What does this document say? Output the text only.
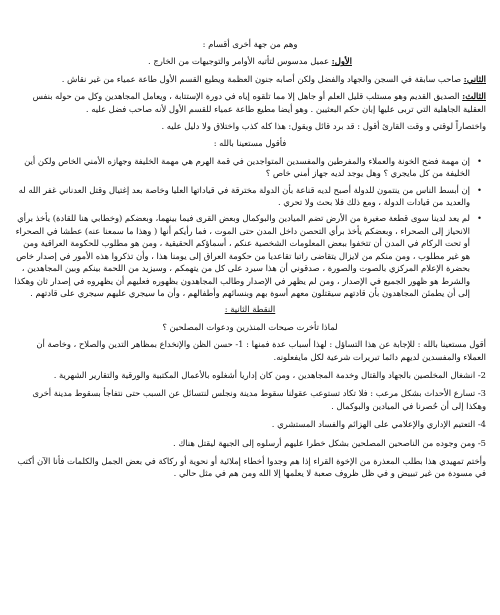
وهم من جهة أخرى أقسام :
الأول: عميل مدسوس لتأتيه الأوامر والتوجيهات من الخارج .
الثاني: صاحب سابقة في السجن والجهاد والفضل ولكن أصابه جنون العظمة ويطيع القسم الأول طاعة عمياء من غير نقاش .
الثالث: الصديق القديم وهو مستلب قليل العلم أو جاهل إلا مما تلقوه إياه في دورة الإستتابة ، ويعامل المجاهدين وكل من حوله بنفس العقلية الجاهلية التي تربى عليها إبان حكم البعثيين . وهو أيضا مطيع طاعة عمياء للقسم الأول لأنه صاحب فضل عليه .
واختصاراً لوقتي و وقت القارئ أقول : قد برد قائل ويقول: هذا كله كذب واختلاق ولا دليل عليه .
فأقول مستعينا بالله :
• إن مهمة فضح الخونة والعملاء والمفرطين والمفسدين المتواجدين في قمة الهرم هي مهمة الخليفة وجهازه الأمني الخاص ولكن أين الخليفة من كل مايجري ؟ وهل يوجد لديه جهاز أمني خاص ؟
• إن أبسط الناس من ينتمون للدولة أصبح لديه قناعة بأن الدولة مخترقة في قياداتها العليا وخاصة بعد إغتيال وقتل العدناني غفر الله له والعديد من قيادات الدولة ، ومع ذلك فلا بحث ولا تحري .
• لم يعد لدينا سوى قطعة صغيرة من الأرض تضم الميادين والبوكمال وبعض القرى فيما بينهما، وبعضكم (وخطابي هنا للقادة) يأخذ برأي الانحياز إلى الصحراء ، وبعضكم يأخذ برأي التحصن داخل المدن حتى الموت ، فما رأيكم أنها ( وهذا ما سمعنا عنه) عطشا في الصحراء أو تحت الركام في المدن أن تتخفوا ببعض المعلومات الشخصية عنكم ، أسماؤكم الحقيقية ، ومن هو مطلوب للحكومة العراقية ومن هو غير مطلوب ، ومن منكم من لايزال يتقاضى راتبا تقاعديا من حكومة العراق إلى يومنا هذا ، وأن تذكروا هذه الأمور في إصدار خاص بحضرة الإعلام المركزي بالصوت والصورة ، صدقوني أن هذا سيرد على كل من يتهمكم ، وسيزيد من اللحمة بينكم وبين المجاهدين ، والشرط هو ظهور الجميع في الإصدار ، ومن لم يظهر في الإصدار وطالب المجاهدون بظهوره فعليهم أن يظهروه في إصدار ثان وهكذا إلى أن يطمئن المجاهدون بأن قادتهم سيقتلون معهم أسوة بهم وبنسائهم وأطفالهم ، وأن ما سيجري عليهم سيجري على قادتهم .
النقطة الثانية :
لماذا تأخرت صيحات المنذرين ودعوات المصلحين ؟
أقول مستعينا بالله : للإجابة عن هذا التساؤل : لهذا أسباب عدة فمنها : 1- حسن الظن والإنخداع بمظاهر التدين والصلاح ، وخاصة أن العملاء والمفسدين لديهم دائما تبريرات شرعية لكل مايفعلونه.
2- انشغال المخلصين بالجهاد والقتال وخدمة المجاهدين ، ومن كان إداريا أشغلوه بالأعمال المكتبية والورقية والتقارير الشهرية .
3- تسارع الأحداث بشكل مرعب : فلا تكاد تستوعب عقولنا سقوط مدينة ونجلس لنتسائل عن السبب حتى نتفاجأ بسقوط مدينة أخرى وهكذا إلى أن حُصرنا في الميادين والبوكمال .
4- التعتيم الإداري والإعلامي على الهزائم والفساد المستشري .
5- ومن وجوده من الناصحين المصلحين بشكل خطرا عليهم أرسلوه إلى الجبهة ليقتل هناك .
وأختم تمهيدي هذا بطلب المعذرة من الإخوة القراء إذا هم وجدوا أخطاء إملائية أو نحوية أو ركاكة في بعض الجمل والكلمات فأنا الآن أكتب في مسودة من غير تبييض و في ظل ظروف صعبة لا يعلمها إلا الله ومن هم في مثل حالي .
